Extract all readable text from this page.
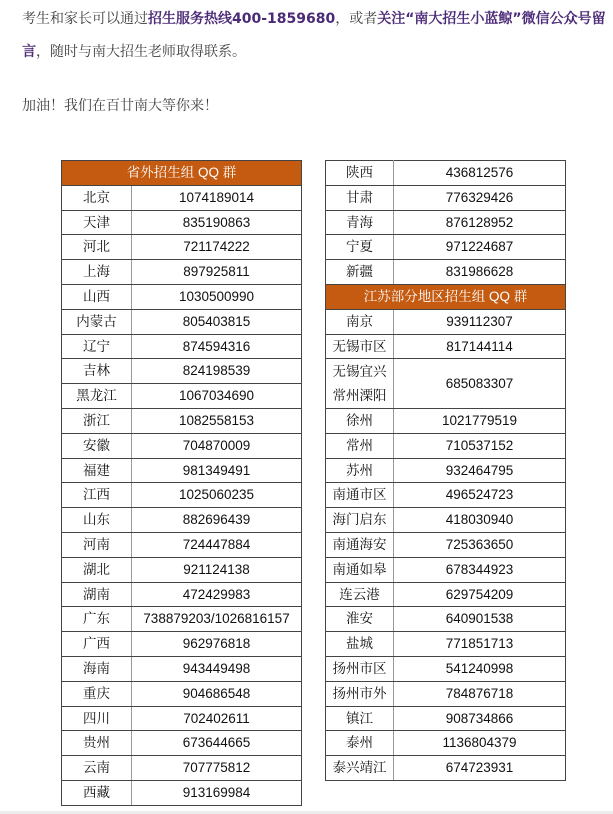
考生和家长可以通过招生服务热线400-1859680，或者关注“南大招生小蓝鲸”微信公众号留言，随时与南大招生老师取得联系。
加油！我们在百廿南大等你来！
省外招生组 QQ 群	
北京	1074189014
天津	835190863
河北	721174222
上海	897925811
山西	1030500990
内蒙古	805403815
辽宁	874594316
吉林	824198539
黑龙江	1067034690
浙江	1082558153
安徽	704870009
福建	981349491
江西	1025060235
山东	882696439
河南	724447884
湖北	921124138
湖南	472429983
广东	738879203/1026816157
广西	962976818
海南	943449498
重庆	904686548
四川	702402611
贵州	673644665
云南	707775812
西藏	913169984
陕西	436812576
甘肃	776329426
青海	876128952
宁夏	971224687
新疆	831986628
江苏部分地区招生组 QQ 群	
南京	939112307
无锡市区	817144114

无锡宜兴
常州溧阳	685083307
徐州	1021779519
常州	710537152
苏州	932464795
南通市区	496524723
海门启东	418030940
南通海安	725363650
南通如皋	678344923
连云港	629754209
淮安	640901538
盐城	771851713
扬州市区	541240998
扬州市外	784876718
镇江	908734866
泰州	1136804379
泰兴靖江	674723931
